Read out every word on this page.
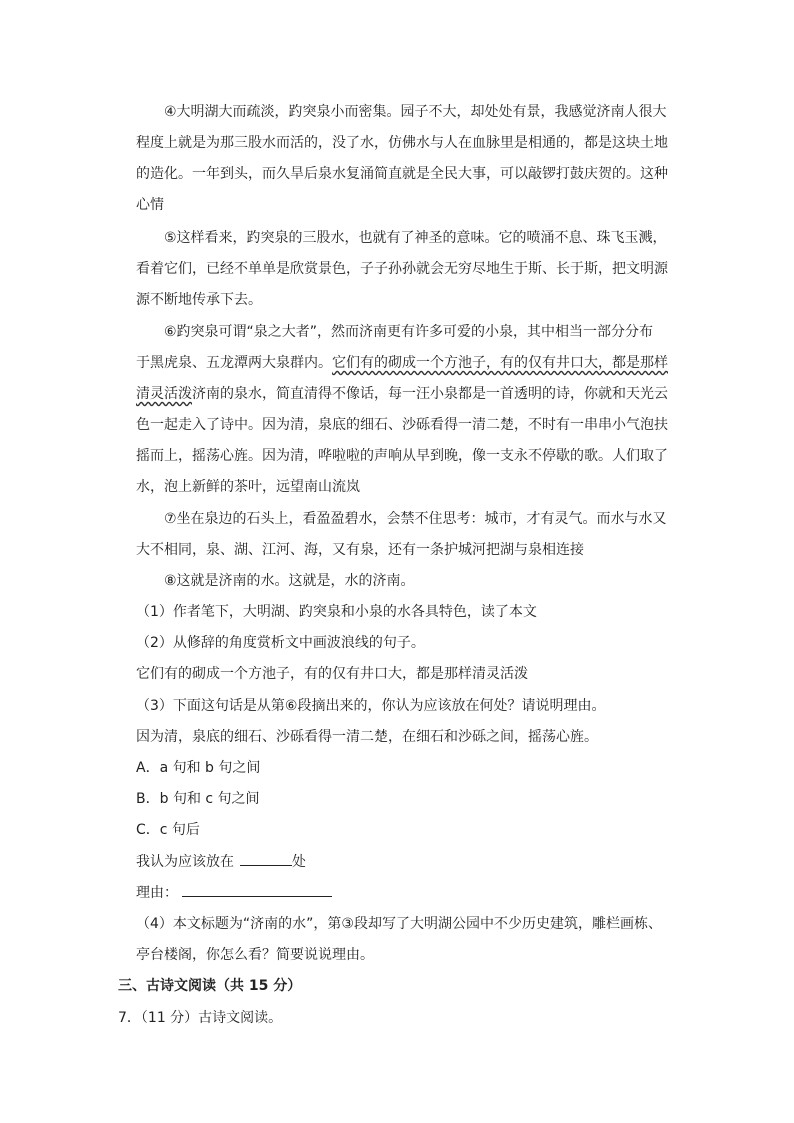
④大明湖大而疏淡，趵突泉小而密集。园子不大，却处处有景，我感觉济南人很大
程度上就是为那三股水而活的，没了水，仿佛水与人在血脉里是相通的，都是这块土地
的造化。一年到头，而久旱后泉水复涌简直就是全民大事，可以敲锣打鼓庆贺的。这种
心情
⑤这样看来，趵突泉的三股水，也就有了神圣的意味。它的喷涌不息、珠飞玉溅，
看着它们，已经不单单是欣赏景色，子子孙孙就会无穷尽地生于斯、长于斯，把文明源
源不断地传承下去。
⑥趵突泉可谓“泉之大者”，然而济南更有许多可爱的小泉，其中相当一部分分布
于黑虎泉、五龙潭两大泉群内。它们有的砌成一个方池子，有的仅有井口大，都是那样
清灵活泼济南的泉水，简直清得不像话，每一汪小泉都是一首透明的诗，你就和天光云
色一起走入了诗中。因为清，泉底的细石、沙砾看得一清二楚，不时有一串串小气泡扶
摇而上，摇荡心旌。因为清，哗啦啦的声响从早到晚，像一支永不停歇的歌。人们取了
水，泡上新鲜的茶叶，远望南山流岚
⑦坐在泉边的石头上，看盈盈碧水，会禁不住思考：城市，才有灵气。而水与水又
大不相同，泉、湖、江河、海，又有泉，还有一条护城河把湖与泉相连接
⑧这就是济南的水。这就是，水的济南。
（1）作者笔下，大明湖、趵突泉和小泉的水各具特色，读了本文
（2）从修辞的角度赏析文中画波浪线的句子。
它们有的砌成一个方池子，有的仅有井口大，都是那样清灵活泼
（3）下面这句话是从第⑥段摘出来的，你认为应该放在何处？请说明理由。
因为清，泉底的细石、沙砾看得一清二楚，在细石和沙砾之间，摇荡心旌。
A．a 句和 b 句之间
B．b 句和 c 句之间
C．c 句后
我认为应该放在	处
理由：
（4）本文标题为“济南的水”，第③段却写了大明湖公园中不少历史建筑，雕栏画栋、
亭台楼阁，你怎么看？简要说说理由。
三、古诗文阅读（共 15 分）
7．（11 分）古诗文阅读。
